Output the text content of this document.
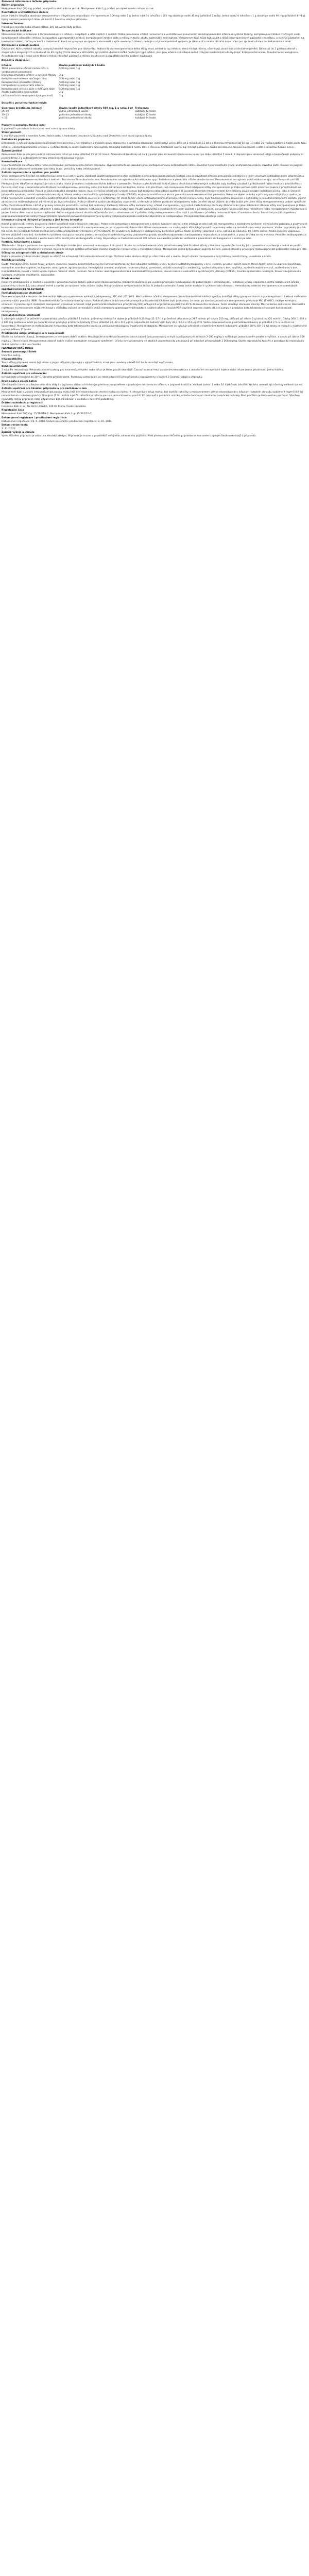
Zkrácené informace o léčivém přípravku
Název přípravku
Meropenem Kabi 500 mg prášek pro injekční nebo infuzní roztok. Meropenem Kabi 1 g prášek pro injekční nebo infuzní roztok.
Kvalitativní a kvantitativní složení
Jedna injekční lahvička obsahuje meropenemum trihydricum odpovídající meropenemum 500 mg nebo 1 g. Jedna injekční lahvička s 500 mg obsahuje sodík 45 mg (přibližně 2 mEq). Jedna injekční lahvička s 1 g obsahuje sodík 90 mg (přibližně 4 mEq). Úplný seznam pomocných látek viz bod 6.1 Souhrnu údajů o přípravku.
Lékovou formou
Prášek pro injekční nebo infuzní roztok. Bílý až světle žlutý prášek.
Terapeutické indikace
Meropenem Kabi je indikován k léčbě následujících infekcí u dospělých a dětí starších 3 měsíců: těžká pneumonie včetně nemocniční a ventilátorové pneumonie; bronchopulmonální infekce u cystické fibrózy; komplikované infekce močových cest; komplikované nitrobřišní infekce; intrapartální a postpartální infekce; komplikované infekce kůže a měkkých tkání; akutní bakteriální meningitida. Meropenem Kabi může být použit k léčbě neutropenických pacientů s horečkou, u nichž je podezření na bakteriální infekci. Léčba pacientů s bakteriemií, která se vyskytuje ve spojení s kteroukoli z výše uvedených infekcí, nebo je s ní pravděpodobně spojena. Je třeba vzít v úvahu oficiální doporučení pro správné užívání antibakteriálních látek.
Dávkování a způsob podání
Dávkování: Níže uvedené tabulky poskytují obecné doporučení pro dávkování. Podaná dávka meropenemu a délka léčby musí zohlednit typ infekce, která má být léčena, včetně její závažnosti a klinické odpovědi. Dávka až do 2 g třikrát denně u dospělých a dospívajících a dávka až do 40 mg/kg třikrát denně u dětí může být zvláště vhodná k léčbě některých typů infekcí, jako jsou infekce způsobené méně citlivými bakteriálními druhy (např. Enterobacteriaceae, Pseudomonas aeruginosa, Acinetobacter spp.) nebo velmi těžké infekce. Při léčbě pacientů s renální insuficiencí je zapotřebí dalšího zvážení dávkování.
Dospělí a dospívající
Infekce	Dávka podávaná každých 8 hodin
Těžká pneumonie včetně nemocniční a ventilátorové pneumonie	500 mg nebo 1 g
Bronchopulmonální infekce u cystické fibrózy	2 g
Komplikované infekce močových cest	500 mg nebo 1 g
Komplikované nitrobřišní infekce	500 mg nebo 1 g
Intrapartální a postpartální infekce	500 mg nebo 1 g
Komplikované infekce kůže a měkkých tkání	500 mg nebo 1 g
Akutní bakteriální meningitida	2 g
Léčba febrilních neutropenických pacientů	1 g
Dospělí s poruchou funkce ledvin
Clearance kreatininu (ml/min)	Dávka (podle jednotkové dávky 500 mg, 1 g nebo 2 g)	Frekvence
26–50	jedna jednotková dávka	každých 12 hodin
10–25	polovina jednotkové dávky	každých 12 hodin
< 10	polovina jednotkové dávky	každých 24 hodin
Pacienti s poruchou funkce jater
U pacientů s poruchou funkce jater není nutná úprava dávky.
Starší pacienti
U starších pacientů s normální funkcí ledvin nebo s hodnotami clearance kreatininu nad 50 ml/min není nutná úprava dávky.
Pediatrická populace
Děti mladší 3 měsíců: Bezpečnost a účinnost meropenemu u dětí mladších 3 měsíců nebyly stanoveny a optimální dávkovací režim nebyl určen. Děti od 3 měsíců do 11 let a s tělesnou hmotností do 50 kg: 10 nebo 20 mg/kg každých 8 hodin podle typu infekce, u bronchopulmonální infekce u cystické fibrózy a akutní bakteriální meningitidy 40 mg/kg každých 8 hodin. Děti s tělesnou hmotností nad 50 kg: má být podávána dávka pro dospělé. Nejsou zkušenosti u dětí s poruchou funkce ledvin.
Způsob podání
Meropenem Kabi se obvykle podává intravenózní infuzí po dobu přibližně 15 až 30 minut. Alternativně lze dávky až do 1 g podat jako intravenózní bolusovou injekci po dobu přibližně 5 minut. K dispozici jsou omezené údaje o bezpečnosti podporující podání dávky 2 g u dospělých formou intravenózní bolusové injekce.
Kontraindikace
Hypersenzitivita na léčivou látku nebo na kteroukoli pomocnou látku tohoto přípravku. Hypersenzitivita na jakoukoli jinou karbapenemovou antibakteriální látku. Závažná hypersenzitivita (např. anafylaktická reakce, závažná kožní reakce) na jakýkoli jiný typ beta-laktamové antibakteriální látky (např. peniciliny nebo cefalosporiny).
Zvláštní upozornění a opatření pro použití
Výběr meropenemu k léčbě jednotlivého pacienta musí vzít v úvahu vhodnost použití karbapenemového antibakteriálního přípravku na základě faktorů, jako je závažnost infekce, prevalence rezistence k jiným vhodným antibakteriálním přípravkům a riziko selekce karbapenem-rezistentních bakterií. Rezistence Enterobacteriaceae, Pseudomonas aeruginosa a Acinetobacter spp.: Rezistence k penemům u Enterobacteriaceae, Pseudomonas aeruginosa a Acinetobacter spp. se v Evropské unii liší. Předepisujícím lékařům se doporučuje vzít v úvahu místní prevalenci rezistence těchto bakterií k penemům. Reakce z přecitlivělosti: Stejně jako u všech beta-laktamových antibiotik byly hlášeny závažné a příležitostně fatální reakce z přecitlivělosti. Pacienti, kteří mají v anamnéze přecitlivělost na karbapenemy, peniciliny nebo jiná beta-laktamová antibiotika, mohou být přecitlivělí i na meropenem. Před zahájením léčby meropenemem je třeba pečlivě zjistit předchozí reakce z přecitlivělosti na beta-laktamová antibiotika. Pokud se objeví závažná alergická reakce, musí být léčivý přípravek vysazen a musí být zahájena odpovídající opatření. U pacientů léčených meropenemem byly hlášeny závažné kožní nežádoucí účinky, jako je Stevens-Johnsonův syndrom, toxická epidermální nekrolýza, léková reakce s eozinofilií a systémovými příznaky (DRESS), erythema multiforme a akutní generalizovaná exantematózní pustulóza. Pokud se objeví známky a příznaky naznačující tyto reakce, je třeba meropenem okamžitě vysadit a zvážit alternativní léčbu. Kolitida související s antibiotiky: Při léčbě téměř všemi antibakteriálními přípravky, včetně meropenemu, byla hlášena kolitida související s antibiotiky a pseudomembranózní kolitida, jejichž závažnost se může pohybovat od mírné až po život ohrožující. Proto je důležité zvážit tuto diagnózu u pacientů, u kterých se během podávání meropenemu nebo po něm objeví průjem. Je třeba zvážit přerušení léčby meropenemem a podání specifické léčby Clostridium difficile. Léčivé přípravky inhibující peristaltiku nemají být podávány. Záchvaty: Během léčby karbapenemy, včetně meropenemu, byly méně často hlášeny záchvaty. Monitorování jaterních funkcí: Během léčby meropenemem je třeba pečlivě sledovat jaterní funkce vzhledem k riziku hepatotoxicity (jaterní dysfunkce s cholestázou a cytolýzou). Použití u pacientů s onemocněním jater: pacienti s již existujícími poruchami funkce jater mají mít během léčby meropenemem monitorovány jaterní funkce. Není nutná úprava dávkování. Přímá antiglobulinová zkouška (Coombsův test) – sérokonverze: V průběhu léčby meropenemem může dojít k pozitivnímu přímému nebo nepřímému Coombsovu testu. Souběžné použití s kyselinou valproovou/valproátem sodným/valpromidem: Současné podávání meropenemu a kyseliny valproové/valproátu sodného/valpromidu se nedoporučuje. Meropenem Kabi obsahuje sodík.
Interakce s jinými léčivými přípravky a jiné formy interakce
Kromě probenecidu nebyly provedeny žádné specifické studie lékových interakcí. Probenecid kompetuje s meropenemem o aktivní tubulární sekreci a tím inhibuje renální exkreci meropenemu s následným zvýšením eliminačního poločasu a plazmatické koncentrace meropenemu. Pokud je probenecid podáván souběžně s meropenemem, je nutná opatrnost. Potenciální účinek meropenemu na vazbu jiných léčivých přípravků na proteiny nebo na metabolismus nebyl studován. Vazba na proteiny je však tak nízká, že na základě tohoto mechanismu nelze předpokládat interakci s jinými látkami. Při souběžném podávání s karbapenemy byl hlášen pokles hladin kyseliny valproové v krvi, což má za následek 60–100% snížení hladin kyseliny valproové během přibližně dvou dnů. Vzhledem k rychlému nástupu a rozsahu poklesu se současné podávání kyseliny valproové/valproátu sodného/valpromidu s karbapenemy nepovažuje za zvladatelné, a proto je třeba se mu vyhnout. Perorální antikoagulancia: Současné podávání antibiotik s warfarinem může zesílit jeho antikoagulační účinky. Doporučuje se často kontrolovat INR během současného podávání antibiotik s perorálními antikoagulancii a krátce po něm.
Fertilita, těhotenství a kojení
Těhotenství: Údaje o podávání meropenemu těhotným ženám jsou omezené nebo nejsou k dispozici. Studie na zvířatech nenaznačují přímé nebo nepřímé škodlivé účinky z hlediska reprodukční toxicity. Jako preventivní opatření je vhodné se použití meropenemu během těhotenství vyhnout. Kojení: U lidí byla zjištěna přítomnost malého množství meropenemu v mateřském mléce. Meropenem nemá být používán kojícími ženami, pokud případný přínos pro matku nepřeváží potenciální riziko pro dítě.
Účinky na schopnost řídit a obsluhovat stroje
Nebyly provedeny žádné studie týkající se účinků na schopnost řídit nebo obsluhovat stroje. Při řízení nebo obsluze strojů je však třeba vzít v úvahu, že při užívání meropenemu byly hlášeny bolesti hlavy, parestezie a křeče.
Nežádoucí účinky
Časté: trombocytemie, bolest hlavy, průjem, zvracení, nauzea, bolest břicha, zvýšení aminotransferáz, zvýšení alkalické fosfatázy v krvi, zvýšení laktátdehydrogenázy v krvi, vyrážka, pruritus, zánět, bolest. Méně časté: orální a vaginální kandidóza, eozinofilie, trombocytopenie, leukopenie, neutropenie, agranulocytóza, hemolytická anemie, anafylaxe, hypersenzitivita, parestezie, kolitida související s antibiotiky, zvýšení bilirubinu v krvi, kopřivka, zvýšení kreatininu v krvi, zvýšení urey v krvi, tromboflebitida, bolest v místě vpichu injekce. Vzácné: křeče, delirium. Není známo: akutní generalizovaná exantematózní pustulóza, léková reakce s eozinofilií a systémovými příznaky (DRESS), toxická epidermální nekrolýza, Stevensův-Johnsonův syndrom, erythema multiforme, angioedém.
Předávkování
Relativní předávkování je možné u pacientů s poruchou funkce ledvin, pokud není dávka upravena. Omezené zkušenosti po uvedení přípravku na trh ukazují, že pokud dojde k předávkování, nežádoucí účinky odpovídají profilu nežádoucích účinků popsanému v bodě 4.8, jsou obecně mírné a vymizí po vysazení nebo snížení dávky. Má být zvážena symptomatická léčba. U jedinců s normální funkcí ledvin dochází k rychlé renální eliminaci. Hemodialýza odstraní meropenem a jeho metabolit.
FARMAKOLOGICKÉ VLASTNOSTI
Farmakodynamické vlastnosti
Farmakoterapeutická skupina: antibakteriální látky pro systémovou aplikaci, karbapenemy, ATC kód: J01DH02. Mechanismus účinku: Meropenem působí baktericidně inhibicí syntézy buněčné stěny grampozitivních a gramnegativních bakterií vazbou na proteiny vážící penicilin (PBP). Farmakokinetický/farmakodynamický vztah: Podobně jako u jiných beta-laktamových antibakteriálních látek bylo prokázáno, že doba, po kterou koncentrace meropenemu přesahuje MIC (T>MIC), nejlépe koreluje s účinností. V preklinických modelech meropenem vykazoval účinnost, když plazmatické koncentrace převyšovaly MIC infikujících organismů po přibližně 40 % dávkovacího intervalu. Tento cíl nebyl stanoven klinicky. Mechanismus rezistence: Bakteriální rezistence na meropenem může vzniknout v důsledku snížené permeability vnější membrány gramnegativních bakterií, snížené afinity cílových PBP, zvýšené exprese složek efluxní pumpy a produkce beta-laktamáz schopných hydrolyzovat karbapenemy.
Farmakokinetické vlastnosti
U zdravých subjektů je průměrný plazmatický poločas přibližně 1 hodina; průměrný distribuční objem je přibližně 0,25 l/kg (11–27 l) a průměrná clearance je 287 ml/min při dávce 250 mg, přičemž při dávce 2 g klesá na 205 ml/min. Dávky 500, 1 000 a 2 000 mg podávané infuzí po dobu 30 minut poskytují průměrné hodnoty Cmax přibližně 23, 49 a 115 µg/ml, odpovídající hodnoty AUC byly 39,3, 62,3 a 153 µg.h/ml. Vazba meropenemu na plazmatické bílkoviny je přibližně 2 % a nezávisí na koncentraci. Meropenem je metabolizován hydrolýzou beta-laktamového kruhu za vzniku mikrobiologicky inaktivního metabolitu. Meropenem se vylučuje převážně v nezměněné formě ledvinami; přibližně 70 % (50–75 %) dávky se vyloučí v nezměněné podobě během 12 hodin.
Předklinické údaje vztahující se k bezpečnosti
Studie na zvířatech ukazují, že meropenem je ledvinami dobře snášen. Histologické známky poškození renálních tubulů byly pozorovány u myší a psů pouze při dávkách 2 000 mg/kg a vyšších po jednorázovém podání a vyšších, a u opic při dávce 500 mg/kg v 7denní studii. Meropenem je obecně dobře snášen centrálním nervovým systémem. Účinky byly pozorovány ve studiích akutní toxicity u hlodavců při dávkách přesahujících 1 000 mg/kg. Studie reprodukční toxicity a genotoxicity neprokázaly žádné zvláštní riziko pro člověka.
FARMACEUTICKÉ ÚDAJE
Seznam pomocných látek
Uhličitan sodný.
Inkompatibility
Tento léčivý přípravek nesmí být mísen s jinými léčivými přípravky s výjimkou těch, které jsou uvedeny v bodě 6.6 Souhrnu údajů o přípravku.
Doba použitelnosti
3 roky. Po rekonstituci: Rekonstituované roztoky pro intravenózní injekci nebo infuzi je třeba použít okamžitě. Časový interval mezi zahájením rekonstituce a ukončením intravenózní injekce nebo infuze nemá přesáhnout jednu hodinu.
Zvláštní opatření pro uchovávání
Uchovávejte při teplotě do 30 °C. Chraňte před mrazem. Podmínky uchovávání po rekonstituci léčivého přípravku jsou uvedeny v bodě 6.3 Souhrnu údajů o přípravku.
Druh obalu a obsah balení
20ml injekční lahvička z bezbarvého skla třídy I s pryžovou zátkou a hliníkovým pertlovacím uzávěrem s plastovým odtrhovacím víčkem, v papírové krabičce. Velikost balení: 1 nebo 10 injekčních lahviček. Na trhu nemusí být všechny velikosti balení.
Zvláštní opatření pro likvidaci přípravku a pro zacházení s ním
Meropenem Kabi k podání intravenózní bolusovou injekcí má být rekonstituován sterilní vodou na injekci. K intravenózní infuzi mohou být injekční lahvičky s meropenemem přímo rekonstituovány infuzním roztokem chloridu sodného 9 mg/ml (0,9 %) nebo infuzním roztokem glukózy 50 mg/ml (5 %). Každá injekční lahvička je určena pouze k jednorázovému použití. Při přípravě a podávání roztoku je třeba dodržovat standardní aseptické techniky. Před použitím je třeba roztok protřepat. Všechen nepoužitý léčivý přípravek nebo odpad musí být zlikvidován v souladu s místními požadavky.
Držitel rozhodnutí o registraci
Fresenius Kabi s.r.o., Na Strži 1702/65, 140 00 Praha, Česká republika.
Registrační čísla
Meropenem Kabi 500 mg: 15/390/10-C. Meropenem Kabi 1 g: 15/391/10-C.
Datum první registrace / prodloužení registrace
Datum první registrace: 19. 5. 2010. Datum posledního prodloužení registrace: 8. 10. 2014.
Datum revize textu
2. 11. 2022.
Způsob výdeje a úhrada
Výdej léčivého přípravku je vázán na lékařský předpis. Přípravek je hrazen z prostředků veřejného zdravotního pojištění. Před předepsáním léčivého přípravku se seznamte s úplným Souhrnem údajů o přípravku.
